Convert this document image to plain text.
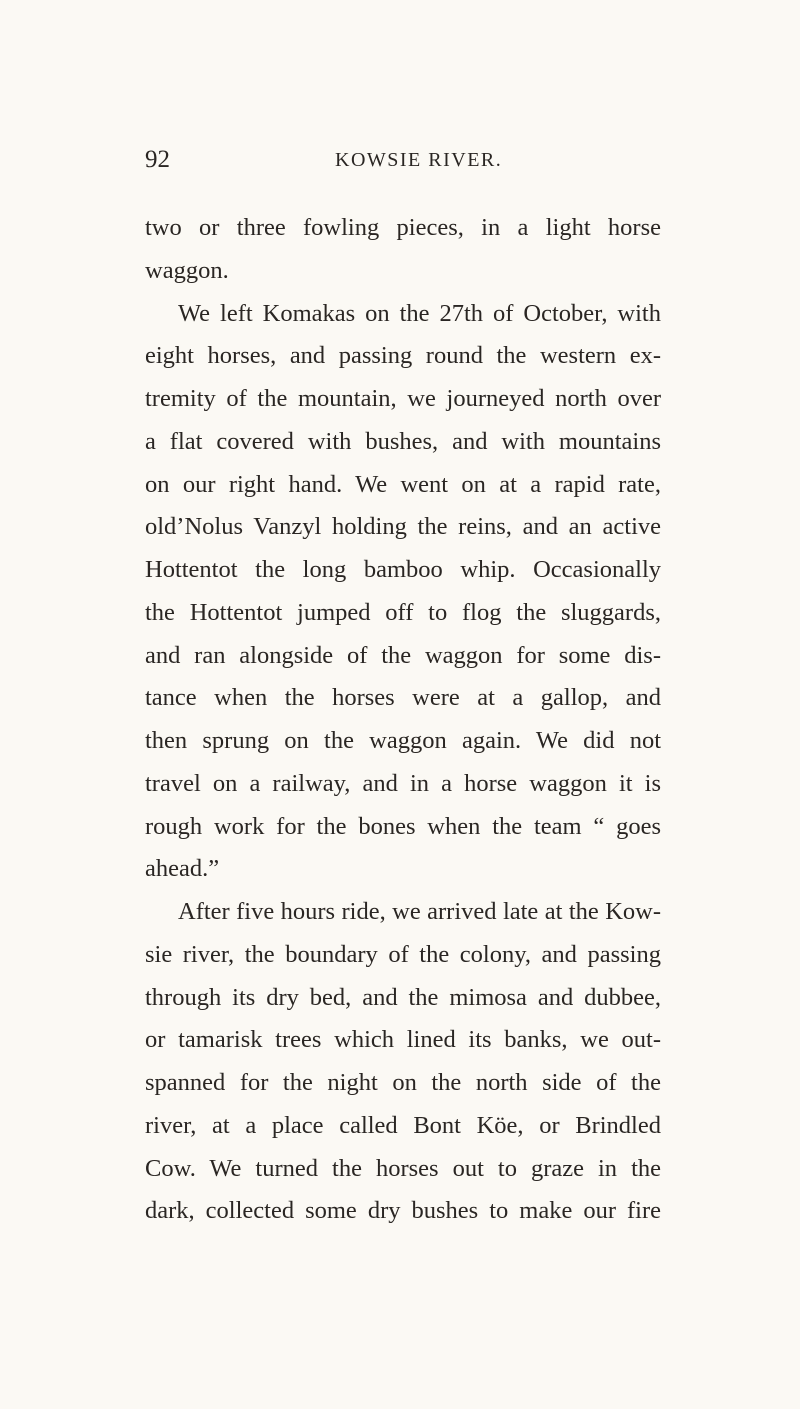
92	KOWSIE RIVER.
two or three fowling pieces, in a light horse
waggon.
We left Komakas on the 27th of October, with
eight horses, and passing round the western ex-
tremity of the mountain, we journeyed north over
a flat covered with bushes, and with mountains
on our right hand. We went on at a rapid rate,
old’Nolus Vanzyl holding the reins, and an active
Hottentot the long bamboo whip. Occasionally
the Hottentot jumped off to flog the sluggards,
and ran alongside of the waggon for some dis-
tance when the horses were at a gallop, and
then sprung on the waggon again. We did not
travel on a railway, and in a horse waggon it is
rough work for the bones when the team “ goes
ahead.”
After five hours ride, we arrived late at the Kow-
sie river, the boundary of the colony, and passing
through its dry bed, and the mimosa and dubbee,
or tamarisk trees which lined its banks, we out-
spanned for the night on the north side of the
river, at a place called Bont Köe, or Brindled
Cow. We turned the horses out to graze in the
dark, collected some dry bushes to make our fire
